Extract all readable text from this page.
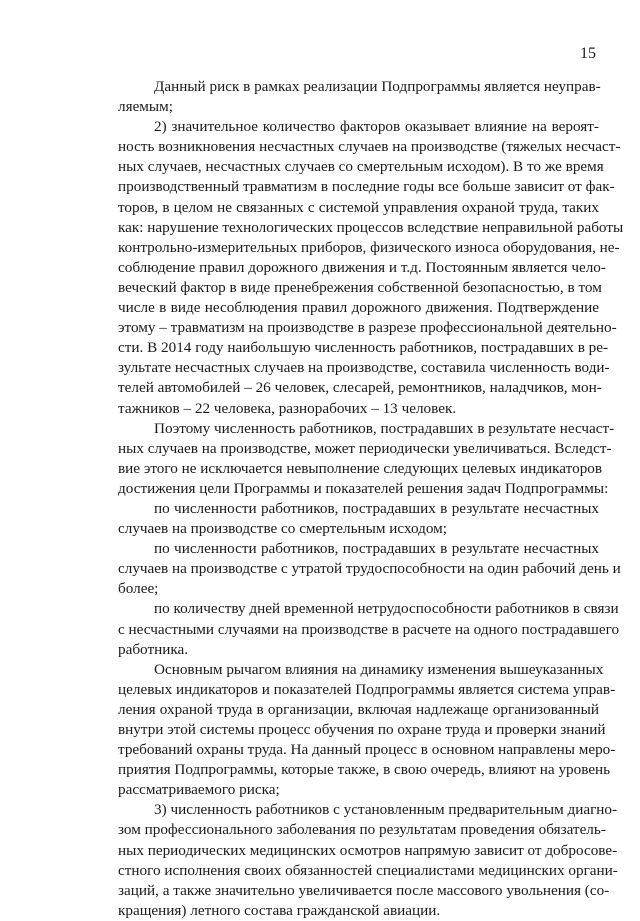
15
Данный риск в рамках реализации Подпрограммы является неуправ-
ляемым;
2) значительное количество факторов оказывает влияние на вероят-
ность возникновения несчастных случаев на производстве (тяжелых несчаст-
ных случаев, несчастных случаев со смертельным исходом). В то же время
производственный травматизм в последние годы все больше зависит от фак-
торов, в целом не связанных с системой управления охраной труда, таких
как: нарушение технологических процессов вследствие неправильной работы
контрольно-измерительных приборов, физического износа оборудования, не-
соблюдение правил дорожного движения и т.д. Постоянным является чело-
веческий фактор в виде пренебрежения собственной безопасностью, в том
числе в виде несоблюдения правил дорожного движения. Подтверждение
этому – травматизм на производстве в разрезе профессиональной деятельно-
сти. В 2014 году наибольшую численность работников, пострадавших в ре-
зультате несчастных случаев на производстве, составила численность води-
телей автомобилей – 26 человек, слесарей, ремонтников, наладчиков, мон-
тажников – 22 человека, разнорабочих – 13 человек.
Поэтому численность работников, пострадавших в результате несчаст-
ных случаев на производстве, может периодически увеличиваться. Вследст-
вие этого не исключается невыполнение следующих целевых индикаторов
достижения цели Программы и показателей решения задач Подпрограммы:
по численности работников, пострадавших в результате несчастных
случаев на производстве со смертельным исходом;
по численности работников, пострадавших в результате несчастных
случаев на производстве с утратой трудоспособности на один рабочий день и
более;
по количеству дней временной нетрудоспособности работников в связи
с несчастными случаями на производстве в расчете на одного пострадавшего
работника.
Основным рычагом влияния на динамику изменения вышеуказанных
целевых индикаторов и показателей Подпрограммы является система управ-
ления охраной труда в организации, включая надлежаще организованный
внутри этой системы процесс обучения по охране труда и проверки знаний
требований охраны труда. На данный процесс в основном направлены меро-
приятия Подпрограммы, которые также, в свою очередь, влияют на уровень
рассматриваемого риска;
3) численность работников с установленным предварительным диагно-
зом профессионального заболевания по результатам проведения обязатель-
ных периодических медицинских осмотров напрямую зависит от добросове-
стного исполнения своих обязанностей специалистами медицинских органи-
заций, а также значительно увеличивается после массового увольнения (со-
кращения) летного состава гражданской авиации.
